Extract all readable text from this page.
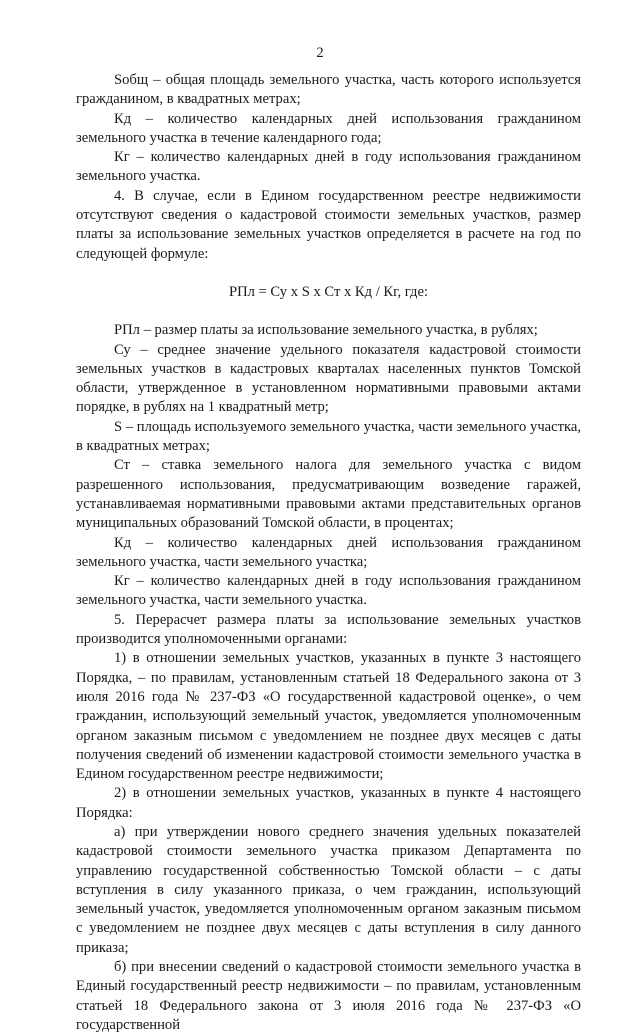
2

Sобщ – общая площадь земельного участка, часть которого используется гражданином, в квадратных метрах;

Кд – количество календарных дней использования гражданином земельного участка в течение календарного года;

Кг – количество календарных дней в году использования гражданином земельного участка.

4. В случае, если в Едином государственном реестре недвижимости отсутствуют сведения о кадастровой стоимости земельных участков, размер платы за использование земельных участков определяется в расчете на год по следующей формуле:

РПл = Су х S х Ст х Кд / Кг, где:

РПл – размер платы за использование земельного участка, в рублях;

Су – среднее значение удельного показателя кадастровой стоимости земельных участков в кадастровых кварталах населенных пунктов Томской области, утвержденное в установленном нормативными правовыми актами порядке, в рублях на 1 квадратный метр;

S – площадь используемого земельного участка, части земельного участка, в квадратных метрах;

Ст – ставка земельного налога для земельного участка с видом разрешенного использования, предусматривающим возведение гаражей, устанавливаемая нормативными правовыми актами представительных органов муниципальных образований Томской области, в процентах;

Кд – количество календарных дней использования гражданином земельного участка, части земельного участка;

Кг – количество календарных дней в году использования гражданином земельного участка, части земельного участка.

5. Перерасчет размера платы за использование земельных участков производится уполномоченными органами:

1) в отношении земельных участков, указанных в пункте 3 настоящего Порядка, – по правилам, установленным статьей 18 Федерального закона от 3 июля 2016 года № 237-ФЗ «О государственной кадастровой оценке», о чем гражданин, использующий земельный участок, уведомляется уполномоченным органом заказным письмом с уведомлением не позднее двух месяцев с даты получения сведений об изменении кадастровой стоимости земельного участка в Едином государственном реестре недвижимости;

2) в отношении земельных участков, указанных в пункте 4 настоящего Порядка:

а) при утверждении нового среднего значения удельных показателей кадастровой стоимости земельного участка приказом Департамента по управлению государственной собственностью Томской области – с даты вступления в силу указанного приказа, о чем гражданин, использующий земельный участок, уведомляется уполномоченным органом заказным письмом с уведомлением не позднее двух месяцев с даты вступления в силу данного приказа;

б) при внесении сведений о кадастровой стоимости земельного участка в Единый государственный реестр недвижимости – по правилам, установленным статьей 18 Федерального закона от 3 июля 2016 года № 237-ФЗ «О государственной
